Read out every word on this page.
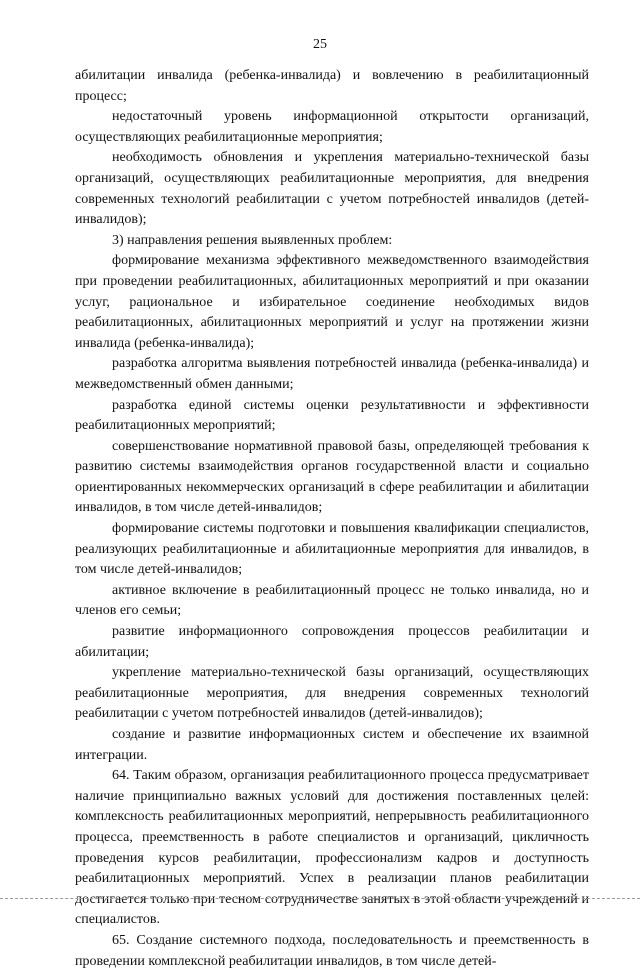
25

абилитации инвалида (ребенка-инвалида) и вовлечению в реабилитационный процесс;

недостаточный уровень информационной открытости организаций, осуществляющих реабилитационные мероприятия;

необходимость обновления и укрепления материально-технической базы организаций, осуществляющих реабилитационные мероприятия, для внедрения современных технологий реабилитации с учетом потребностей инвалидов (детей-инвалидов);

3) направления решения выявленных проблем:

формирование механизма эффективного межведомственного взаимодействия при проведении реабилитационных, абилитационных мероприятий и при оказании услуг, рациональное и избирательное соединение необходимых видов реабилитационных, абилитационных мероприятий и услуг на протяжении жизни инвалида (ребенка-инвалида);

разработка алгоритма выявления потребностей инвалида (ребенка-инвалида) и межведомственный обмен данными;

разработка единой системы оценки результативности и эффективности реабилитационных мероприятий;

совершенствование нормативной правовой базы, определяющей требования к развитию системы взаимодействия органов государственной власти и социально ориентированных некоммерческих организаций в сфере реабилитации и абилитации инвалидов, в том числе детей-инвалидов;

формирование системы подготовки и повышения квалификации специалистов, реализующих реабилитационные и абилитационные мероприятия для инвалидов, в том числе детей-инвалидов;

активное включение в реабилитационный процесс не только инвалида, но и членов его семьи;

развитие информационного сопровождения процессов реабилитации и абилитации;

укрепление материально-технической базы организаций, осуществляющих реабилитационные мероприятия, для внедрения современных технологий реабилитации с учетом потребностей инвалидов (детей-инвалидов);

создание и развитие информационных систем и обеспечение их взаимной интеграции.

64. Таким образом, организация реабилитационного процесса предусматривает наличие принципиально важных условий для достижения поставленных целей: комплексность реабилитационных мероприятий, непрерывность реабилитационного процесса, преемственность в работе специалистов и организаций, цикличность проведения курсов реабилитации, профессионализм кадров и доступность реабилитационных мероприятий. Успех в реализации планов реабилитации достигается только при тесном сотрудничестве занятых в этой области учреждений и специалистов.

65. Создание системного подхода, последовательность и преемственность в проведении комплексной реабилитации инвалидов, в том числе детей-
